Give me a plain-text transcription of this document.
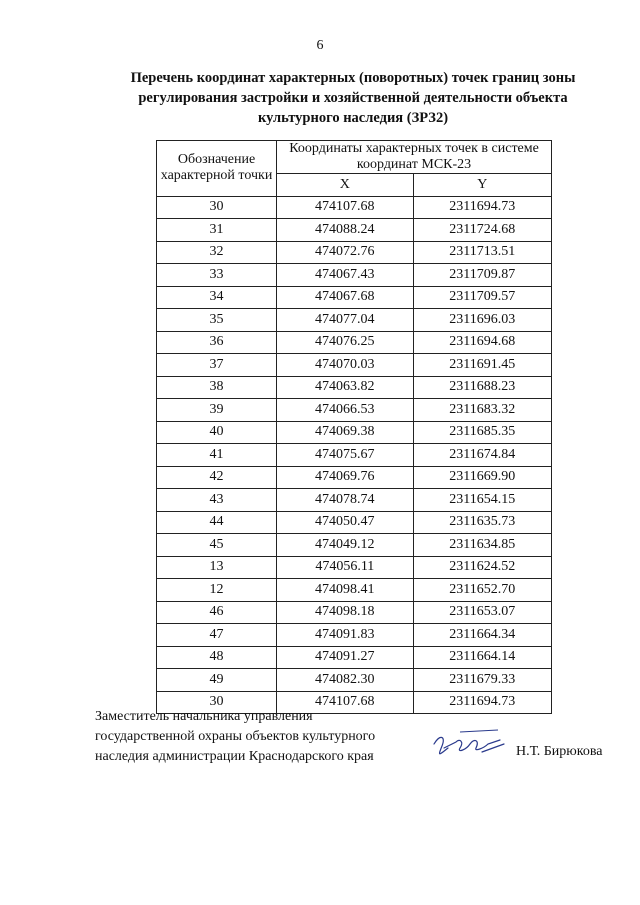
6
Перечень координат характерных (поворотных) точек границ зоны
регулирования застройки и хозяйственной деятельности объекта
культурного наследия (ЗРЗ2)
Обозначение характерной точки	Координаты характерных точек в системе координат МСК-23	
	X	Y
30	474107.68	2311694.73
31	474088.24	2311724.68
32	474072.76	2311713.51
33	474067.43	2311709.87
34	474067.68	2311709.57
35	474077.04	2311696.03
36	474076.25	2311694.68
37	474070.03	2311691.45
38	474063.82	2311688.23
39	474066.53	2311683.32
40	474069.38	2311685.35
41	474075.67	2311674.84
42	474069.76	2311669.90
43	474078.74	2311654.15
44	474050.47	2311635.73
45	474049.12	2311634.85
13	474056.11	2311624.52
12	474098.41	2311652.70
46	474098.18	2311653.07
47	474091.83	2311664.34
48	474091.27	2311664.14
49	474082.30	2311679.33
30	474107.68	2311694.73
Заместитель начальника управления
государственной охраны объектов культурного
наследия администрации Краснодарского края	Н.Т. Бирюкова
